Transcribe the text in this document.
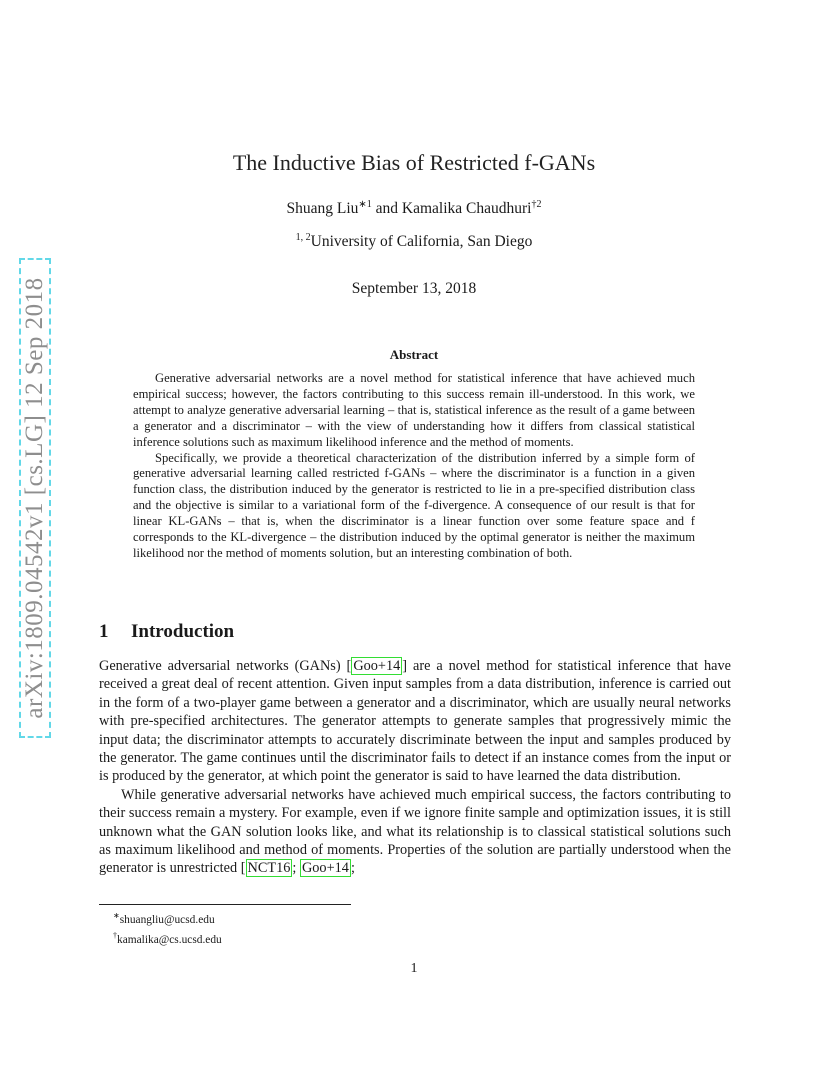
arXiv:1809.04542v1 [cs.LG] 12 Sep 2018
The Inductive Bias of Restricted f-GANs
Shuang Liu$^{∗1}$ and Kamalika Chaudhuri$^{\dagger 2}$
$^{1, 2}$University of California, San Diego
September 13, 2018
Abstract

Generative adversarial networks are a novel method for statistical inference that have achieved much empirical success; however, the factors contributing to this success remain ill-understood. In this work, we attempt to analyze generative adversarial learning – that is, statistical inference as the result of a game between a generator and a discriminator – with the view of understanding how it differs from classical statistical inference solutions such as maximum likelihood inference and the method of moments.

Specifically, we provide a theoretical characterization of the distribution inferred by a simple form of generative adversarial learning called restricted f-GANs – where the discriminator is a function in a given function class, the distribution induced by the generator is restricted to lie in a pre-specified distribution class and the objective is similar to a variational form of the f-divergence. A consequence of our result is that for linear KL-GANs – that is, when the discriminator is a linear function over some feature space and f corresponds to the KL-divergence – the distribution induced by the optimal generator is neither the maximum likelihood nor the method of moments solution, but an interesting combination of both.

1 Introduction

Generative adversarial networks (GANs) [ Goo+14 ] are a novel method for statistical inference that have received a great deal of recent attention. Given input samples from a data distribution, inference is carried out in the form of a two-player game between a generator and a discriminator, which are usually neural networks with pre-specified architectures. The generator attempts to generate samples that progressively mimic the input data; the discriminator attempts to accurately discriminate between the input and samples produced by the generator. The game continues until the discriminator fails to detect if an instance comes from the input or is produced by the generator, at which point the generator is said to have learned the data distribution.

While generative adversarial networks have achieved much empirical success, the factors contributing to their success remain a mystery. For example, even if we ignore finite sample and optimization issues, it is still unknown what the GAN solution looks like, and what its relationship is to classical statistical solutions such as maximum likelihood and method of moments. Properties of the solution are partially understood when the generator is unrestricted [ NCT16 ; Goo+14 ;

∗shuangliu@ucsd.edu
†kamalika@cs.ucsd.edu
1
